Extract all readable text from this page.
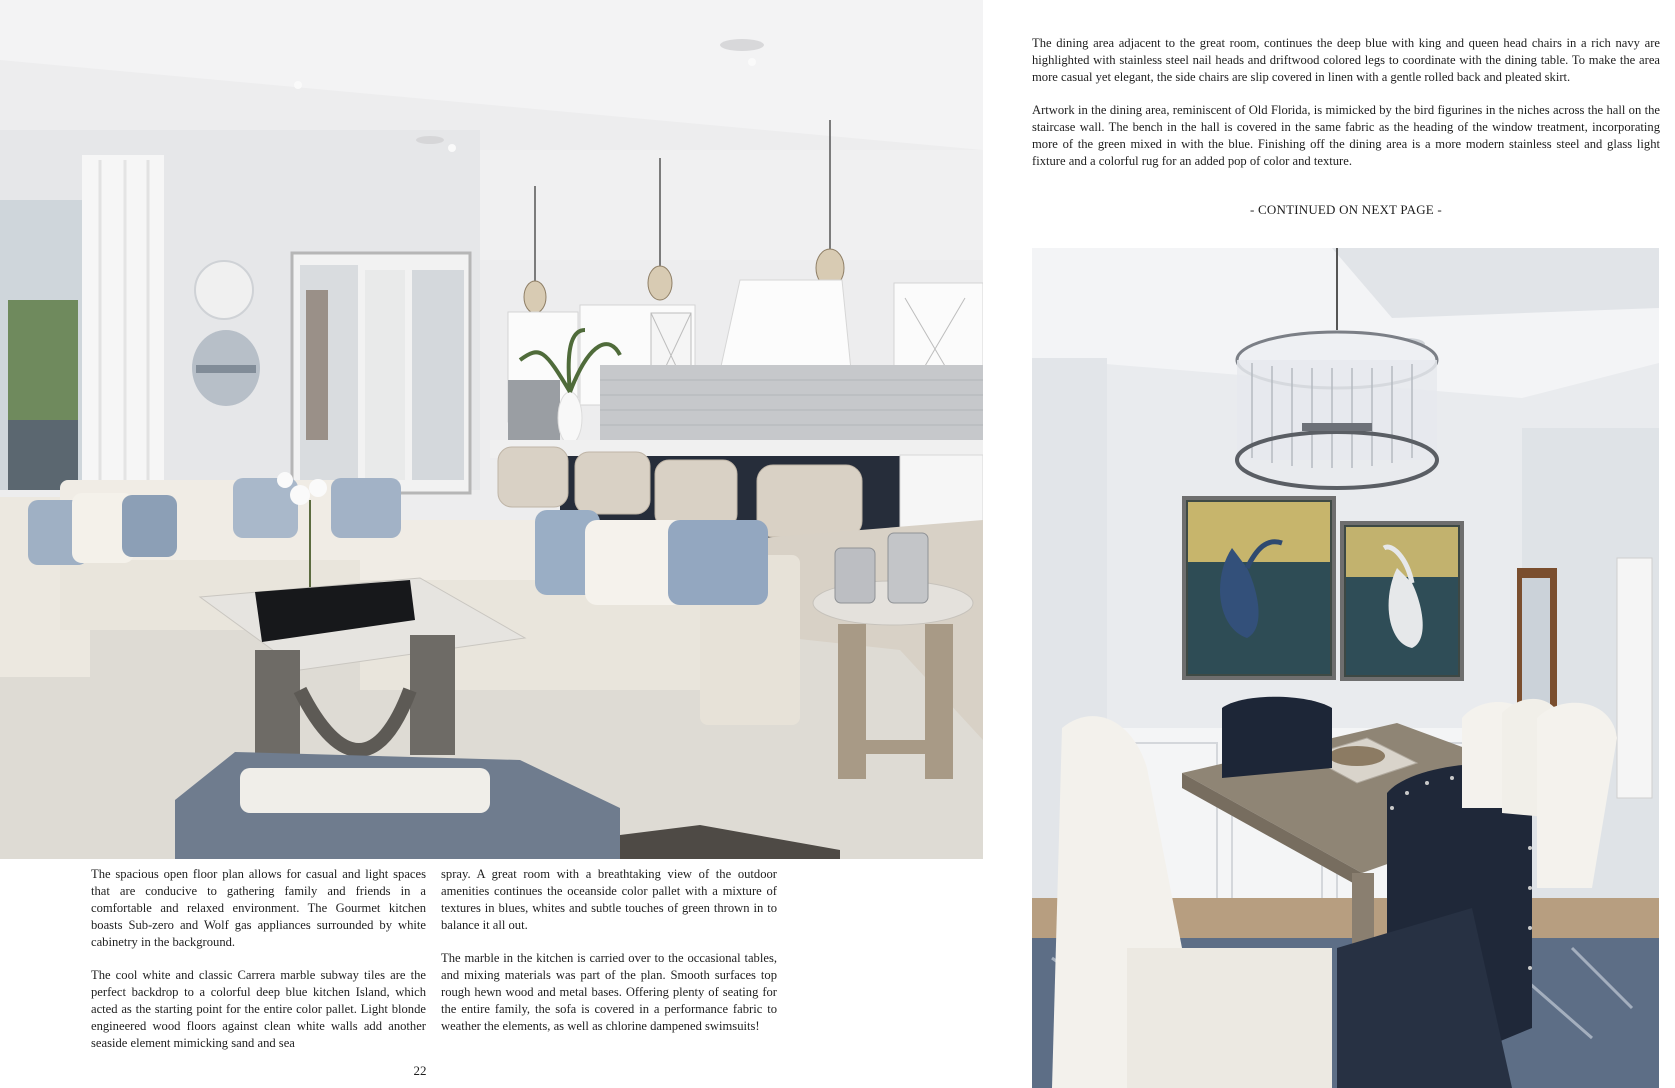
The spacious open floor plan allows for casual and light spaces that are conducive to gathering family and friends in a comfortable and relaxed environment. The Gourmet kitchen boasts Sub-zero and Wolf gas appliances surrounded by white cabinetry in the background.

The cool white and classic Carrera marble subway tiles are the perfect backdrop to a colorful deep blue kitchen Island, which acted as the starting point for the entire color pallet. Light blonde engineered wood floors against clean white walls add another seaside element mimicking sand and sea

spray. A great room with a breathtaking view of the outdoor amenities continues the oceanside color pallet with a mixture of textures in blues, whites and subtle touches of green thrown in to balance it all out.

The marble in the kitchen is carried over to the occasional tables, and mixing materials was part of the plan. Smooth surfaces top rough hewn wood and metal bases. Offering plenty of seating for the entire family, the sofa is covered in a performance fabric to weather the elements, as well as chlorine dampened swimsuits!

22

The dining area adjacent to the great room, continues the deep blue with king and queen head chairs in a rich navy are highlighted with stainless steel nail heads and driftwood colored legs to coordinate with the dining table. To make the area more casual yet elegant, the side chairs are slip covered in linen with a gentle rolled back and pleated skirt.

Artwork in the dining area, reminiscent of Old Florida, is mimicked by the bird figurines in the niches across the hall on the staircase wall. The bench in the hall is covered in the same fabric as the heading of the window treatment, incorporating more of the green mixed in with the blue. Finishing off the dining area is a more modern stainless steel and glass light fixture and a colorful rug for an added pop of color and texture.

- CONTINUED ON NEXT PAGE -
